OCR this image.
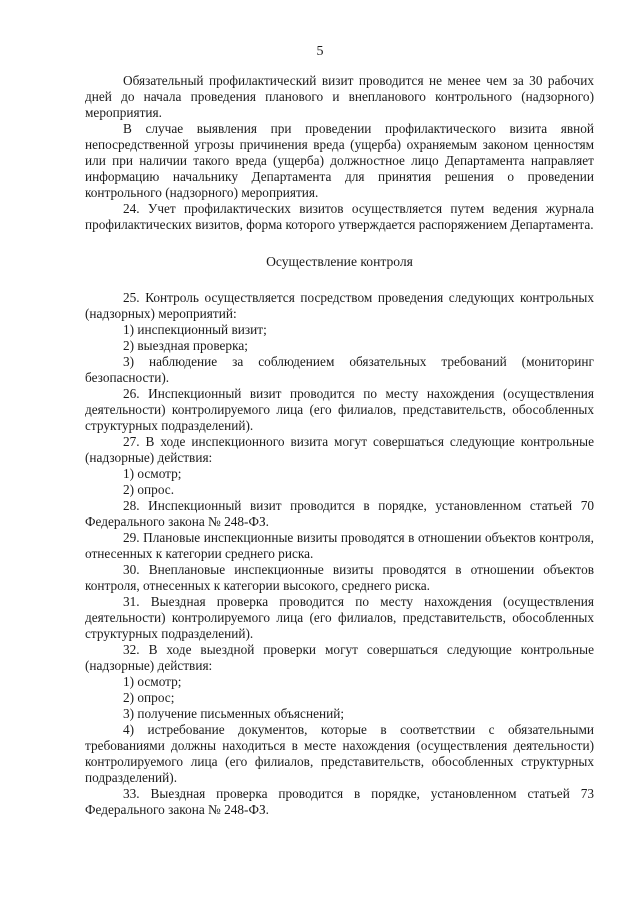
5

Обязательный профилактический визит проводится не менее чем за 30 рабочих дней до начала проведения планового и внепланового контрольного (надзорного) мероприятия.

В случае выявления при проведении профилактического визита явной непосредственной угрозы причинения вреда (ущерба) охраняемым законом ценностям или при наличии такого вреда (ущерба) должностное лицо Департамента направляет информацию начальнику Департамента для принятия решения о проведении контрольного (надзорного) мероприятия.

24. Учет профилактических визитов осуществляется путем ведения журнала профилактических визитов, форма которого утверждается распоряжением Департамента.

Осуществление контроля

25. Контроль осуществляется посредством проведения следующих контрольных (надзорных) мероприятий:

1) инспекционный визит;

2) выездная проверка;

3) наблюдение за соблюдением обязательных требований (мониторинг безопасности).

26. Инспекционный визит проводится по месту нахождения (осуществления деятельности) контролируемого лица (его филиалов, представительств, обособленных структурных подразделений).

27. В ходе инспекционного визита могут совершаться следующие контрольные (надзорные) действия:

1) осмотр;

2) опрос.

28. Инспекционный визит проводится в порядке, установленном статьей 70 Федерального закона № 248-ФЗ.

29. Плановые инспекционные визиты проводятся в отношении объектов контроля, отнесенных к категории среднего риска.

30. Внеплановые инспекционные визиты проводятся в отношении объектов контроля, отнесенных к категории высокого, среднего риска.

31. Выездная проверка проводится по месту нахождения (осуществления деятельности) контролируемого лица (его филиалов, представительств, обособленных структурных подразделений).

32. В ходе выездной проверки могут совершаться следующие контрольные (надзорные) действия:

1) осмотр;

2) опрос;

3) получение письменных объяснений;

4) истребование документов, которые в соответствии с обязательными требованиями должны находиться в месте нахождения (осуществления деятельности) контролируемого лица (его филиалов, представительств, обособленных структурных подразделений).

33. Выездная проверка проводится в порядке, установленном статьей 73 Федерального закона № 248-ФЗ.
